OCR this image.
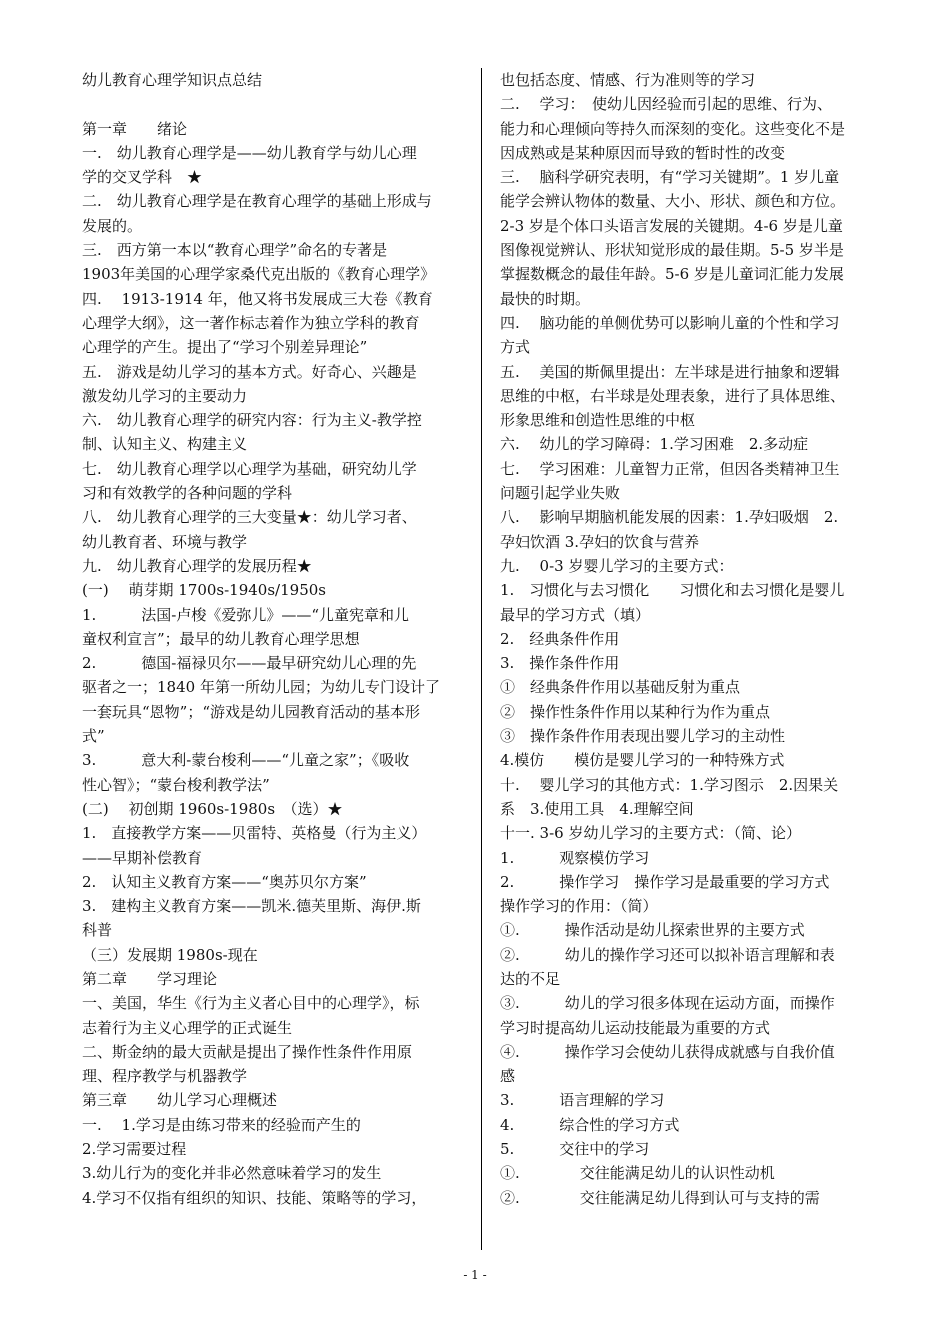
幼儿教育心理学知识点总结
第一章　　绪论
一.　幼儿教育心理学是——幼儿教育学与幼儿心理
学的交叉学科　★
二.　幼儿教育心理学是在教育心理学的基础上形成与
发展的。
三.　西方第一本以“教育心理学”命名的专著是
1903年美国的心理学家桑代克出版的《教育心理学》
四.　 1913-1914 年，他又将书发展成三大卷《教育
心理学大纲》，这一著作标志着作为独立学科的教育
心理学的产生。提出了“学习个别差异理论”
五.　游戏是幼儿学习的基本方式。好奇心、兴趣是
激发幼儿学习的主要动力
六.　幼儿教育心理学的研究内容：行为主义-教学控
制、认知主义、构建主义
七.　幼儿教育心理学以心理学为基础，研究幼儿学
习和有效教学的各种问题的学科
八.　幼儿教育心理学的三大变量★：幼儿学习者、
幼儿教育者、环境与教学
九.　幼儿教育心理学的发展历程★
(一)　 萌芽期 1700s-1940s/1950s
1.　　　法国-卢梭《爱弥儿》——“儿童宪章和儿
童权利宣言”；最早的幼儿教育心理学思想
2.　　　德国-福禄贝尔——最早研究幼儿心理的先
驱者之一；1840 年第一所幼儿园；为幼儿专门设计了
一套玩具“恩物”；“游戏是幼儿园教育活动的基本形
式”
3.　　　意大利-蒙台梭利——“儿童之家”；《吸收
性心智》；“蒙台梭利教学法”
(二)　 初创期 1960s-1980s　（选）★
1.　直接教学方案——贝雷特、英格曼（行为主义）
——早期补偿教育
2.　认知主义教育方案——“奥苏贝尔方案”
3.　建构主义教育方案——凯米.德芙里斯、海伊.斯
科普
（三）发展期 1980s-现在
第二章　　学习理论
一、美国，华生《行为主义者心目中的心理学》，标
志着行为主义心理学的正式诞生
二、斯金纳的最大贡献是提出了操作性条件作用原
理、程序教学与机器教学
第三章　　幼儿学习心理概述
一.　 1.学习是由练习带来的经验而产生的
2.学习需要过程
3.幼儿行为的变化并非必然意味着学习的发生
4.学习不仅指有组织的知识、技能、策略等的学习，
也包括态度、情感、行为准则等的学习
二.　 学习：　使幼儿因经验而引起的思维、行为、
能力和心理倾向等持久而深刻的变化。这些变化不是
因成熟或是某种原因而导致的暂时性的改变
三.　 脑科学研究表明，有“学习关键期”。1 岁儿童
能学会辨认物体的数量、大小、形状、颜色和方位。
2-3 岁是个体口头语言发展的关键期。4-6 岁是儿童
图像视觉辨认、形状知觉形成的最佳期。5-5 岁半是
掌握数概念的最佳年龄。5-6 岁是儿童词汇能力发展
最快的时期。
四.　 脑功能的单侧优势可以影响儿童的个性和学习
方式
五.　 美国的斯佩里提出：左半球是进行抽象和逻辑
思维的中枢，右半球是处理表象，进行了具体思维、
形象思维和创造性思维的中枢
六.　 幼儿的学习障碍：1.学习困难　2.多动症
七.　 学习困难：儿童智力正常，但因各类精神卫生
问题引起学业失败
八.　 影响早期脑机能发展的因素：1.孕妇吸烟　2.
孕妇饮酒 3.孕妇的饮食与营养
九.　 0-3 岁婴儿学习的主要方式：
1.　习惯化与去习惯化　　习惯化和去习惯化是婴儿
最早的学习方式（填）
2.　经典条件作用
3.　操作条件作用
①　经典条件作用以基础反射为重点
②　操作性条件作用以某种行为作为重点
③　操作条件作用表现出婴儿学习的主动性
4.模仿　　模仿是婴儿学习的一种特殊方式
十.　 婴儿学习的其他方式：1.学习图示　2.因果关
系　3.使用工具　4.理解空间
十一. 3-6 岁幼儿学习的主要方式：（简、论）
1.　　　观察模仿学习
2.　　　操作学习　操作学习是最重要的学习方式
操作学习的作用：（简）
①.　　　操作活动是幼儿探索世界的主要方式
②.　　　幼儿的操作学习还可以拟补语言理解和表
达的不足
③.　　　幼儿的学习很多体现在运动方面，而操作
学习时提高幼儿运动技能最为重要的方式
④.　　　操作学习会使幼儿获得成就感与自我价值
感
3.　　　语言理解的学习
4.　　　综合性的学习方式
5.　　　交往中的学习
①.　　　　交往能满足幼儿的认识性动机
②.　　　　交往能满足幼儿得到认可与支持的需
- 1 -
